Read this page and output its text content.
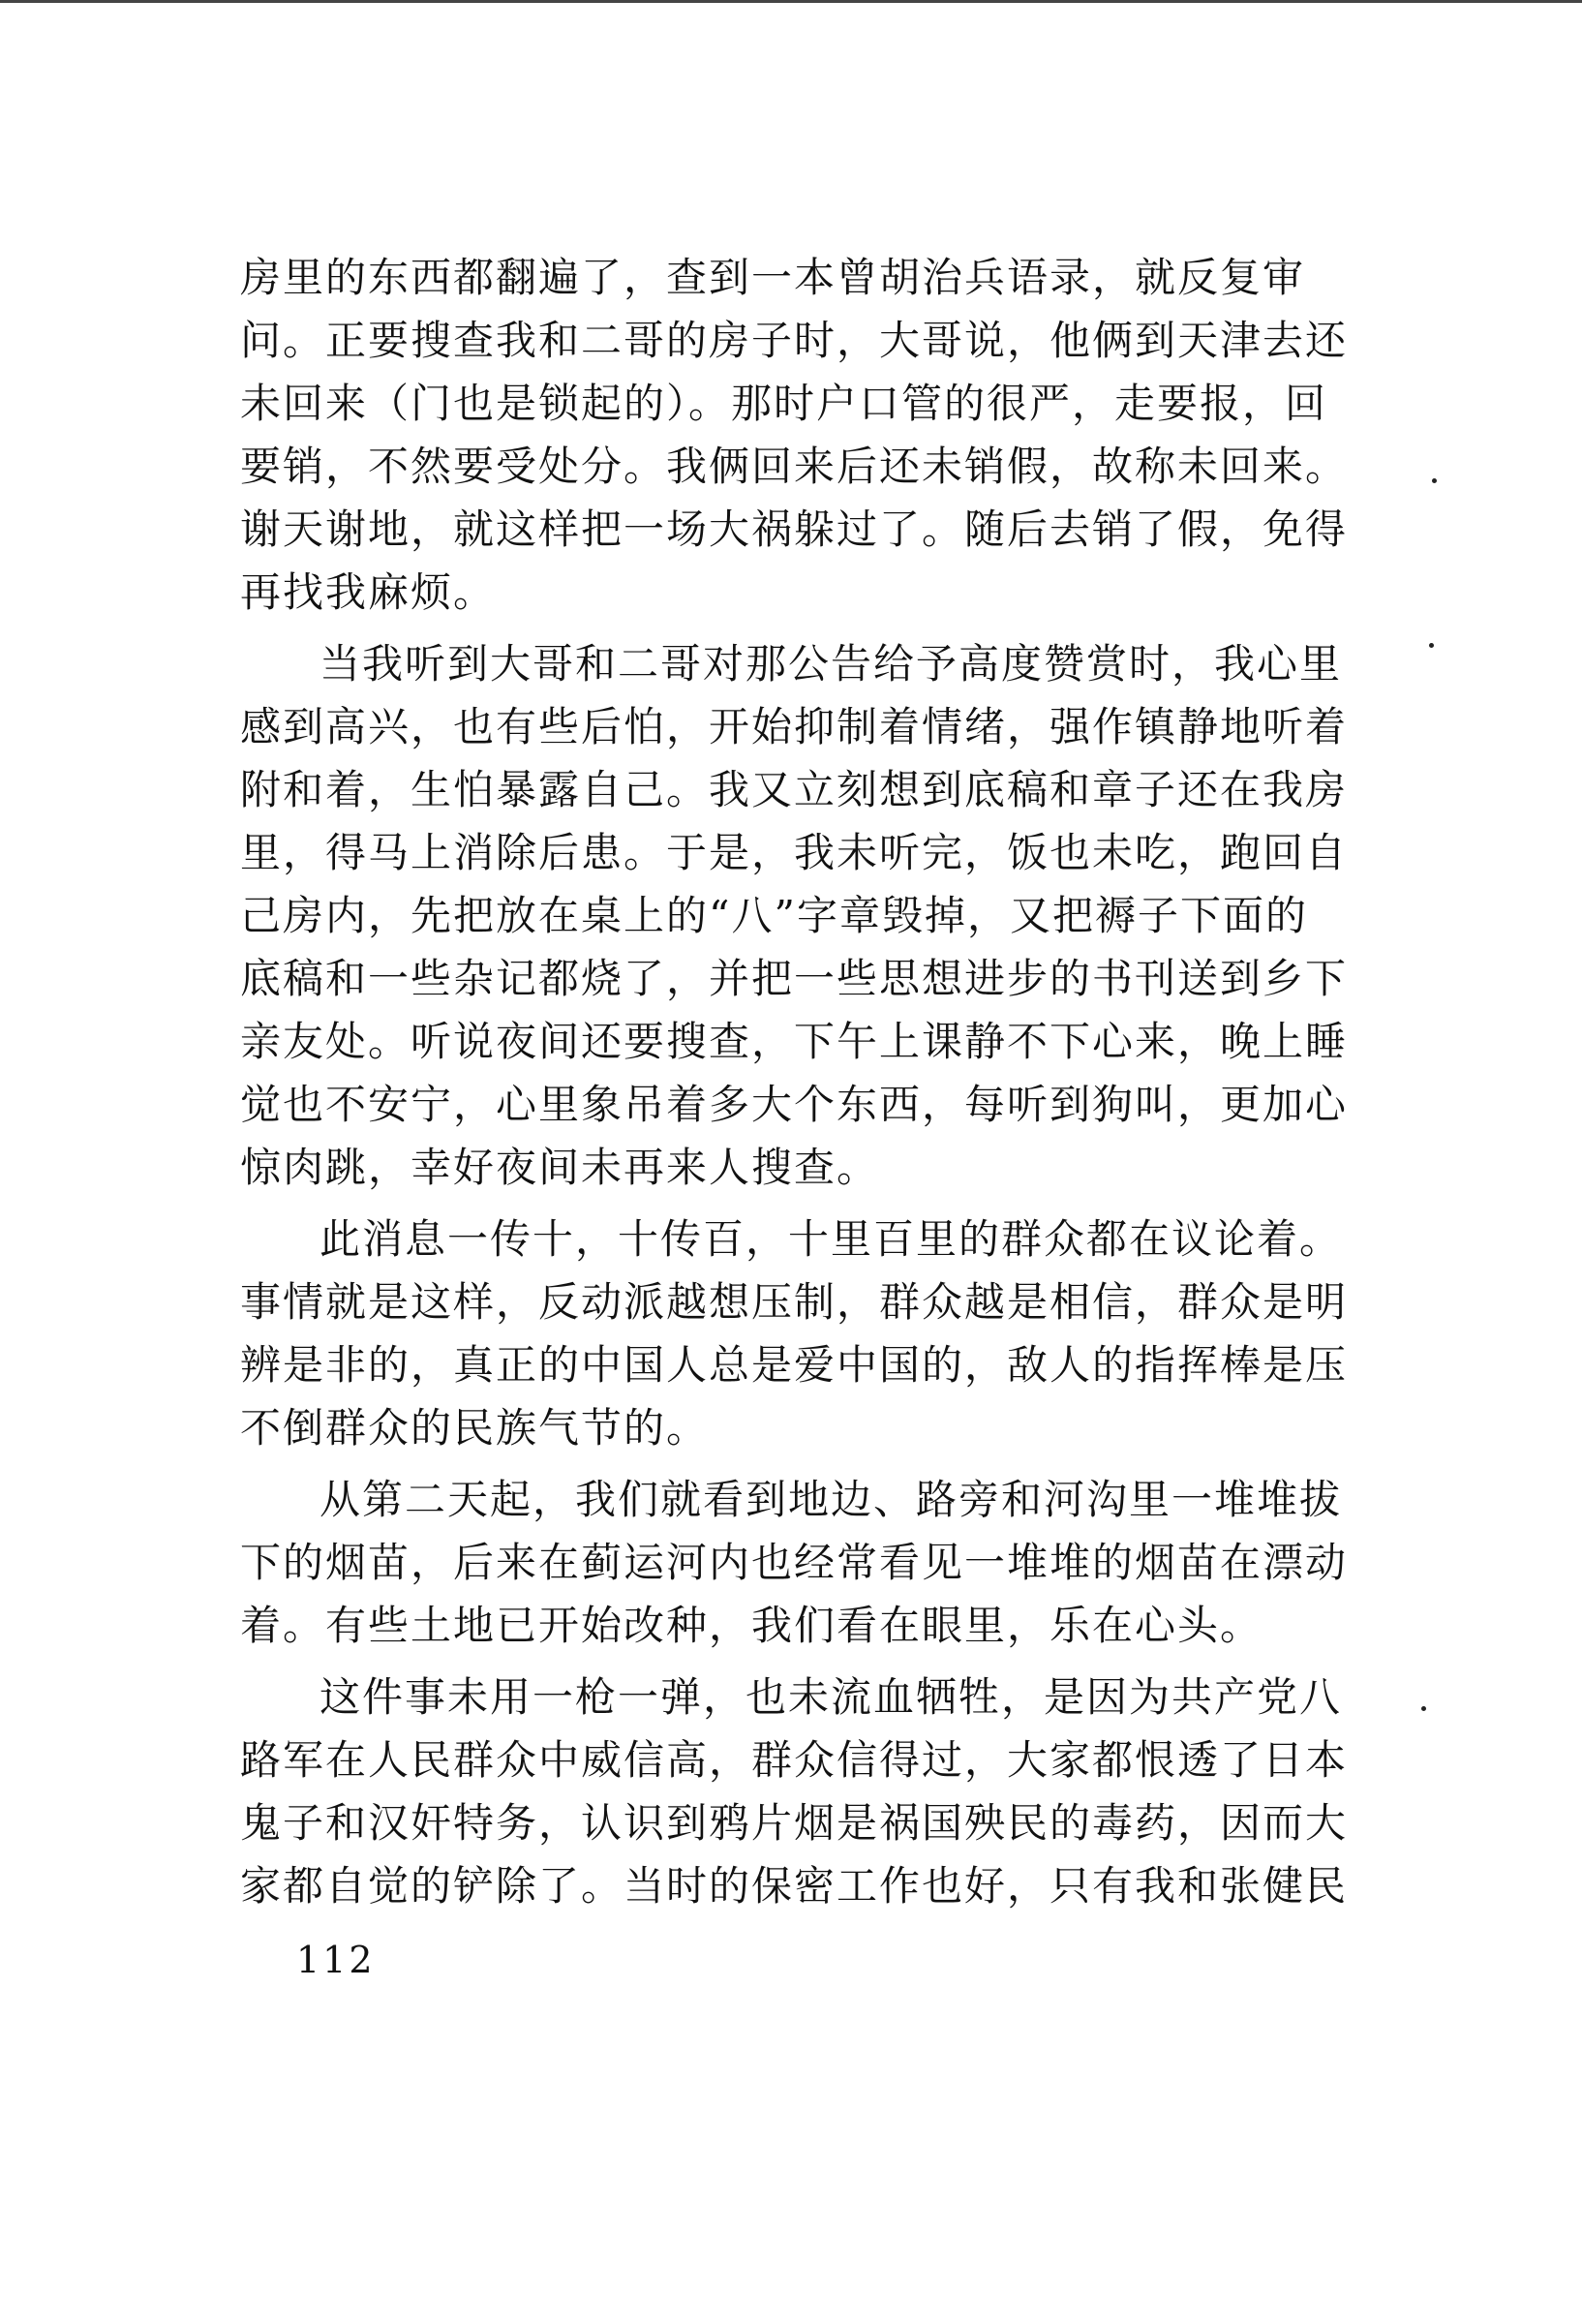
房里的东西都翻遍了，查到一本曾胡治兵语录，就反复审
问。正要搜查我和二哥的房子时，大哥说，他俩到天津去还
未回来（门也是锁起的）。那时户口管的很严，走要报，回
要销，不然要受处分。我俩回来后还未销假，故称未回来。
谢天谢地，就这样把一场大祸躲过了。随后去销了假，免得
再找我麻烦。
当我听到大哥和二哥对那公告给予高度赞赏时，我心里
感到高兴，也有些后怕，开始抑制着情绪，强作镇静地听着
附和着，生怕暴露自己。我又立刻想到底稿和章子还在我房
里，得马上消除后患。于是，我未听完，饭也未吃，跑回自
己房内，先把放在桌上的“八”字章毁掉，又把褥子下面的
底稿和一些杂记都烧了，并把一些思想进步的书刊送到乡下
亲友处。听说夜间还要搜查，下午上课静不下心来，晚上睡
觉也不安宁，心里象吊着多大个东西，每听到狗叫，更加心
惊肉跳，幸好夜间未再来人搜查。
此消息一传十，十传百，十里百里的群众都在议论着。
事情就是这样，反动派越想压制，群众越是相信，群众是明
辨是非的，真正的中国人总是爱中国的，敌人的指挥棒是压
不倒群众的民族气节的。
从第二天起，我们就看到地边、路旁和河沟里一堆堆拔
下的烟苗，后来在蓟运河内也经常看见一堆堆的烟苗在漂动
着。有些土地已开始改种，我们看在眼里，乐在心头。
这件事未用一枪一弹，也未流血牺牲，是因为共产党八
路军在人民群众中威信高，群众信得过，大家都恨透了日本
鬼子和汉奸特务，认识到鸦片烟是祸国殃民的毒药，因而大
家都自觉的铲除了。当时的保密工作也好，只有我和张健民
112
